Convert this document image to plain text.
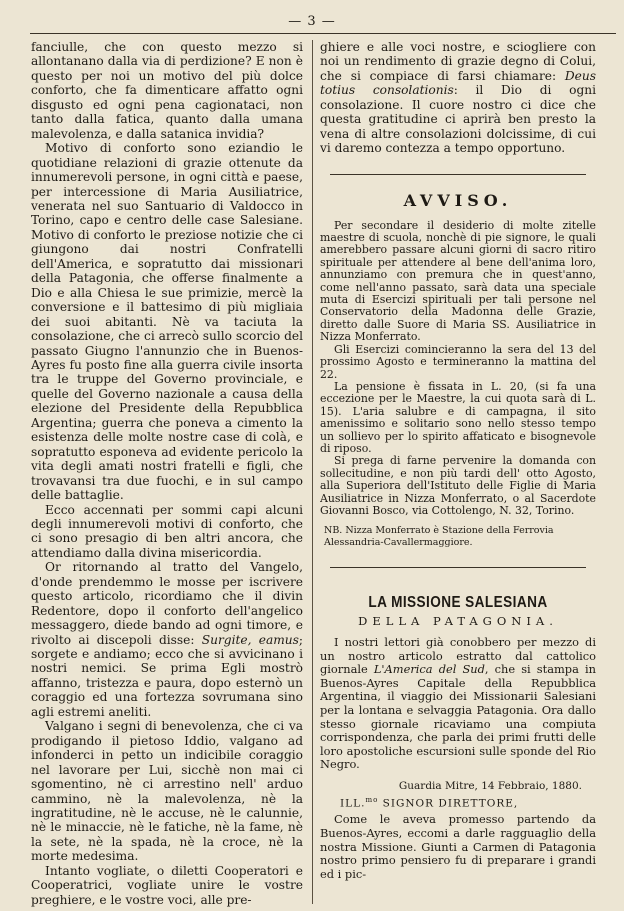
— 3 —

fanciulle, che con questo mezzo si allontanano dalla via di perdizione? E non è questo per noi un motivo del più dolce conforto, che fa dimenticare affatto ogni disgusto ed ogni pena cagionataci, non tanto dalla fatica, quanto dalla umana malevolenza, e dalla satanica invidia?

Motivo di conforto sono eziandio le quotidiane relazioni di grazie ottenute da innumerevoli persone, in ogni città e paese, per intercessione di Maria Ausiliatrice, venerata nel suo Santuario di Valdocco in Torino, capo e centro delle case Salesiane. Motivo di conforto le preziose notizie che ci giungono dai nostri Confratelli dell'America, e sopratutto dai missionari della Patagonia, che offerse finalmente a Dio e alla Chiesa le sue primizie, mercè la conversione e il battesimo di più migliaia dei suoi abitanti. Nè va taciuta la consolazione, che ci arrecò sullo scorcio del passato Giugno l'annunzio che in Buenos-Ayres fu posto fine alla guerra civile insorta tra le truppe del Governo provinciale, e quelle del Governo nazionale a causa della elezione del Presidente della Repubblica Argentina; guerra che poneva a cimento la esistenza delle molte nostre case di colà, e sopratutto esponeva ad evidente pericolo la vita degli amati nostri fratelli e figli, che trovavansi tra due fuochi, e in sul campo delle battaglie.

Ecco accennati per sommi capi alcuni degli innumerevoli motivi di conforto, che ci sono presagio di ben altri ancora, che attendiamo dalla divina misericordia.

Or ritornando al tratto del Vangelo, d'onde prendemmo le mosse per iscrivere questo articolo, ricordiamo che il divin Redentore, dopo il conforto dell'angelico messaggero, diede bando ad ogni timore, e rivolto ai discepoli disse: Surgite, eamus; sorgete e andiamo; ecco che si avvicinano i nostri nemici. Se prima Egli mostrò affanno, tristezza e paura, dopo esternò un coraggio ed una fortezza sovrumana sino agli estremi aneliti.

Valgano i segni di benevolenza, che ci va prodigando il pietoso Iddio, valgano ad infonderci in petto un indicibile coraggio nel lavorare per Lui, sicchè non mai ci sgomentino, nè ci arrestino nell' arduo cammino, nè la malevolenza, nè la ingratitudine, nè le accuse, nè le calunnie, nè le minaccie, nè le fatiche, nè la fame, nè la sete, nè la spada, nè la croce, nè la morte medesima.

Intanto vogliate, o diletti Cooperatori e Cooperatrici, vogliate unire le vostre preghiere, e le vostre voci, alle pre-

ghiere e alle voci nostre, e sciogliere con noi un rendimento di grazie degno di Colui, che si compiace di farsi chiamare: Deus totius consolationis: il Dio di ogni consolazione. Il cuore nostro ci dice che questa gratitudine ci aprirà ben presto la vena di altre consolazioni dolcissime, di cui vi daremo contezza a tempo opportuno.

AVVISO.

Per secondare il desiderio di molte zitelle maestre di scuola, nonchè di pie signore, le quali amerebbero passare alcuni giorni di sacro ritiro spirituale per attendere al bene dell'anima loro, annunziamo con premura che in quest'anno, come nell'anno passato, sarà data una speciale muta di Esercizi spirituali per tali persone nel Conservatorio della Madonna delle Grazie, diretto dalle Suore di Maria SS. Ausiliatrice in Nizza Monferrato.

Gli Esercizi comincieranno la sera del 13 del prossimo Agosto e termineranno la mattina del 22.

La pensione è fissata in L. 20, (si fa una eccezione per le Maestre, la cui quota sarà di L. 15). L'aria salubre e di campagna, il sito amenissimo e solitario sono nello stesso tempo un sollievo per lo spirito affaticato e bisognevole di riposo.

Si prega di farne pervenire la domanda con sollecitudine, e non più tardi dell' otto Agosto, alla Superiora dell'Istituto delle Figlie di Maria Ausiliatrice in Nizza Monferrato, o al Sacerdote Giovanni Bosco, via Cottolengo, N. 32, Torino.

NB. Nizza Monferrato è Stazione della Ferrovia Alessandria-Cavallermaggiore.

LA MISSIONE SALESIANA
DELLA PATAGONIA.

I nostri lettori già conobbero per mezzo di un nostro articolo estratto dal cattolico giornale L'America del Sud, che si stampa in Buenos-Ayres Capitale della Repubblica Argentina, il viaggio dei Missionarii Salesiani per la lontana e selvaggia Patagonia. Ora dallo stesso giornale ricaviamo una compiuta corrispondenza, che parla dei primi frutti delle loro apostoliche escursioni sulle sponde del Rio Negro.

Guardia Mitre, 14 Febbraio, 1880.
ILL.$^{mo}$ SIGNOR DIRETTORE,

Come le aveva promesso partendo da Buenos-Ayres, eccomi a darle ragguaglio della nostra Missione. Giunti a Carmen di Patagonia nostro primo pensiero fu di preparare i grandi ed i pic-
